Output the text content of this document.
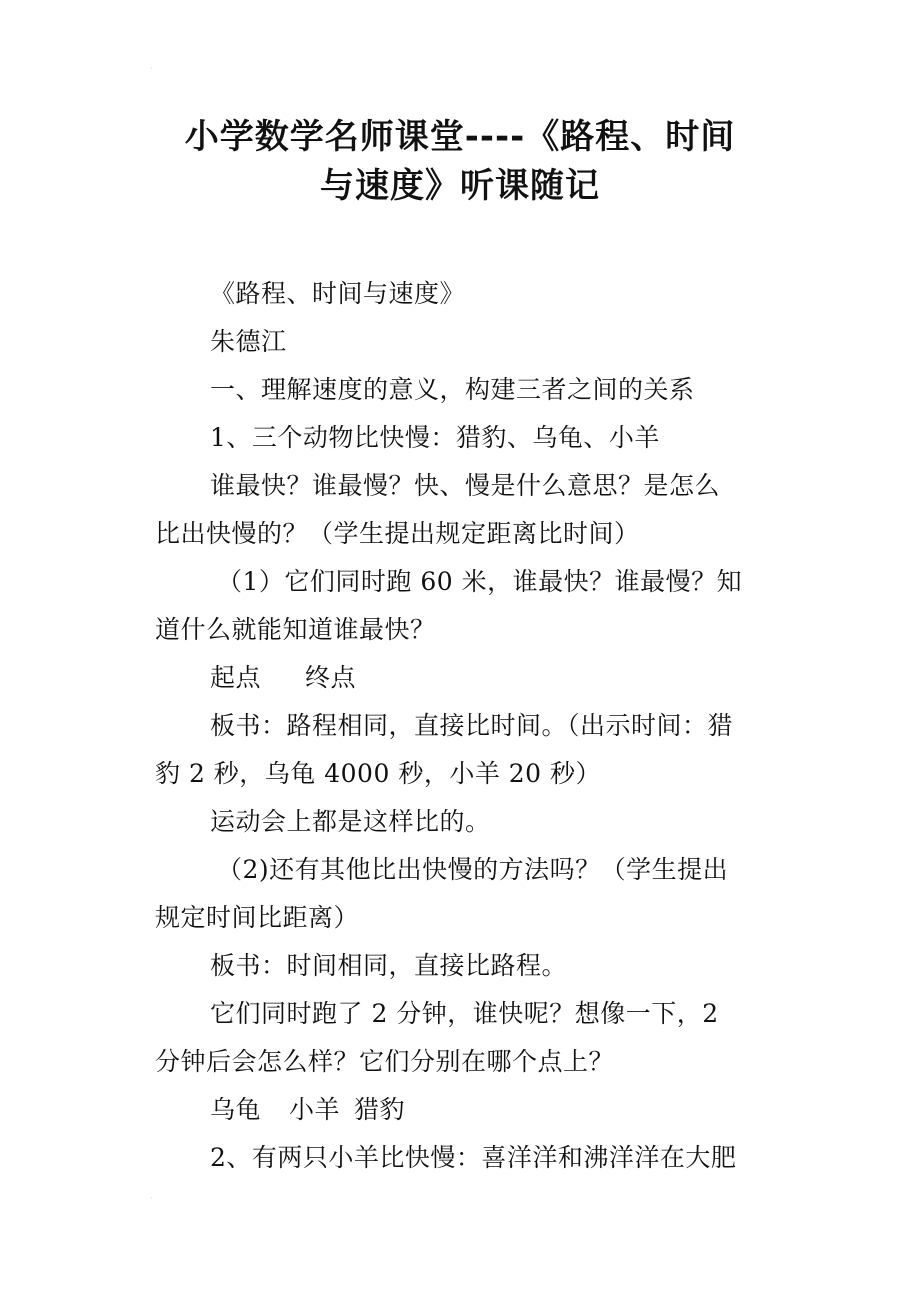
·
·
小学数学名师课堂----《路程、时间
与速度》听课随记
《路程、时间与速度》
朱德江
一、理解速度的意义，构建三者之间的关系
1、三个动物比快慢：猎豹、乌龟、小羊
谁最快？谁最慢？快、慢是什么意思？是怎么
比出快慢的？（学生提出规定距离比时间）
（1）它们同时跑 60 米，谁最快？谁最慢？知
道什么就能知道谁最快？
起点 终点
板书：路程相同，直接比时间。（出示时间：猎
豹 2 秒，乌龟 4000 秒，小羊 20 秒）
运动会上都是这样比的。
（2)还有其他比出快慢的方法吗？（学生提出
规定时间比距离）
板书：时间相同，直接比路程。
它们同时跑了 2 分钟，谁快呢？想像一下，2
分钟后会怎么样？它们分别在哪个点上？
乌龟 小羊 猎豹
2、有两只小羊比快慢：喜洋洋和沸洋洋在大肥
